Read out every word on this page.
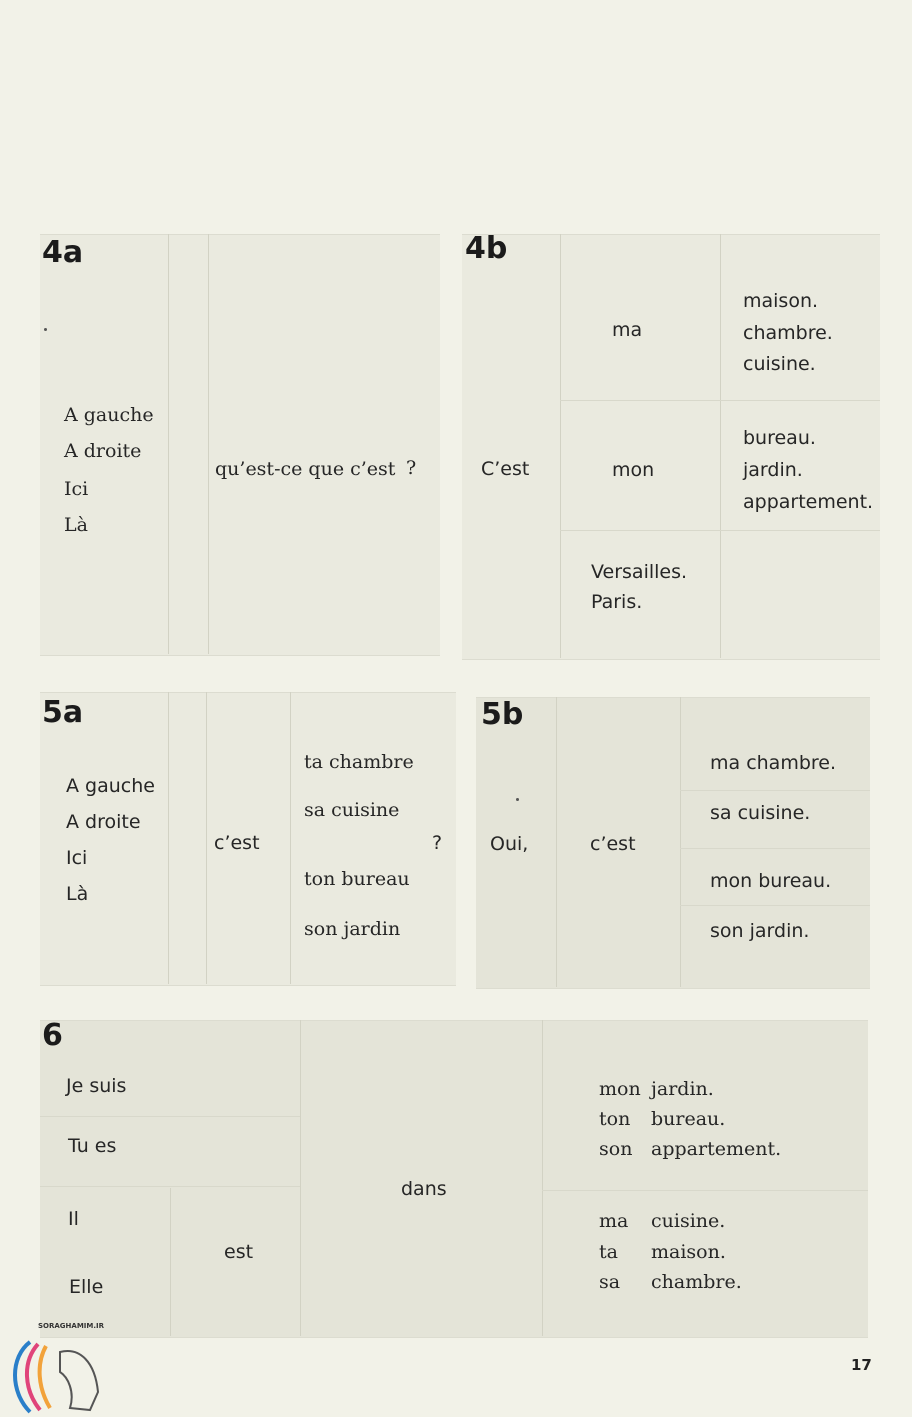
4a
A gauche
A droite
Ici
Là
qu’est-ce que c’est ?
4b
C’est
ma
maison.
chambre.
cuisine.
mon
bureau.
jardin.
appartement.
Versailles.
Paris.
5a
A gauche
A droite
Ici
Là
c’est
ta chambre
sa cuisine
ton bureau
son jardin
?
5b
Oui,	c’est
ma chambre.
sa cuisine.
mon bureau.
son jardin.
6
Je suis
Tu es
Il
Elle
est
dans
mon jardin.
ton bureau.
son appartement.
ma cuisine.
ta maison.
sa chambre.
17
SORAGHAMIM.IR
